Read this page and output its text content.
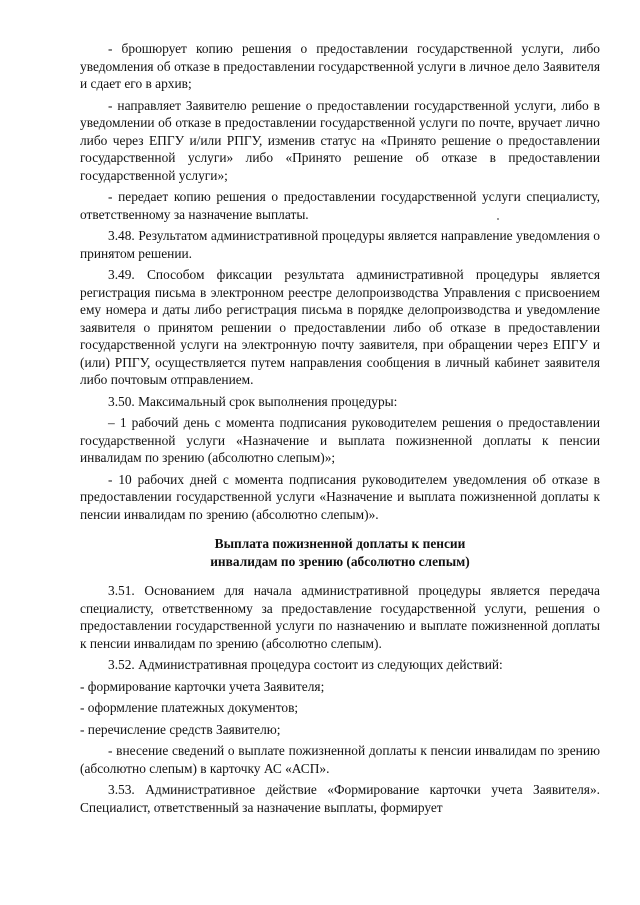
- брошюрует копию решения о предоставлении государственной услуги, либо уведомления об отказе в предоставлении государственной услуги в личное дело Заявителя и сдает его в архив;

- направляет Заявителю решение о предоставлении государственной услуги, либо в уведомлении об отказе в предоставлении государственной услуги по почте, вручает лично либо через ЕПГУ и/или РПГУ, изменив статус на «Принято решение о предоставлении государственной услуги» либо «Принято решение об отказе в предоставлении государственной услуги»;

- передает копию решения о предоставлении государственной услуги специалисту, ответственному за назначение выплаты.

3.48. Результатом административной процедуры является направление уведомления о принятом решении.

3.49. Способом фиксации результата административной процедуры является регистрация письма в электронном реестре делопроизводства Управления с присвоением ему номера и даты либо регистрация письма в порядке делопроизводства и уведомление заявителя о принятом решении о предоставлении либо об отказе в предоставлении государственной услуги на электронную почту заявителя, при обращении через ЕПГУ и (или) РПГУ, осуществляется путем направления сообщения в личный кабинет заявителя либо почтовым отправлением.

3.50. Максимальный срок выполнения процедуры:

– 1 рабочий день с момента подписания руководителем решения о предоставлении государственной услуги «Назначение и выплата пожизненной доплаты к пенсии инвалидам по зрению (абсолютно слепым)»;

- 10 рабочих дней с момента подписания руководителем уведомления об отказе в предоставлении государственной услуги «Назначение и выплата пожизненной доплаты к пенсии инвалидам по зрению (абсолютно слепым)».

Выплата пожизненной доплаты к пенсии
инвалидам по зрению (абсолютно слепым)

3.51. Основанием для начала административной процедуры является передача специалисту, ответственному за предоставление государственной услуги, решения о предоставлении государственной услуги по назначению и выплате пожизненной доплаты к пенсии инвалидам по зрению (абсолютно слепым).

3.52. Административная процедура состоит из следующих действий:

- формирование карточки учета Заявителя;

- оформление платежных документов;

- перечисление средств Заявителю;

- внесение сведений о выплате пожизненной доплаты к пенсии инвалидам по зрению (абсолютно слепым) в карточку АС «АСП».

3.53. Административное действие «Формирование карточки учета Заявителя». Специалист, ответственный за назначение выплаты, формирует
